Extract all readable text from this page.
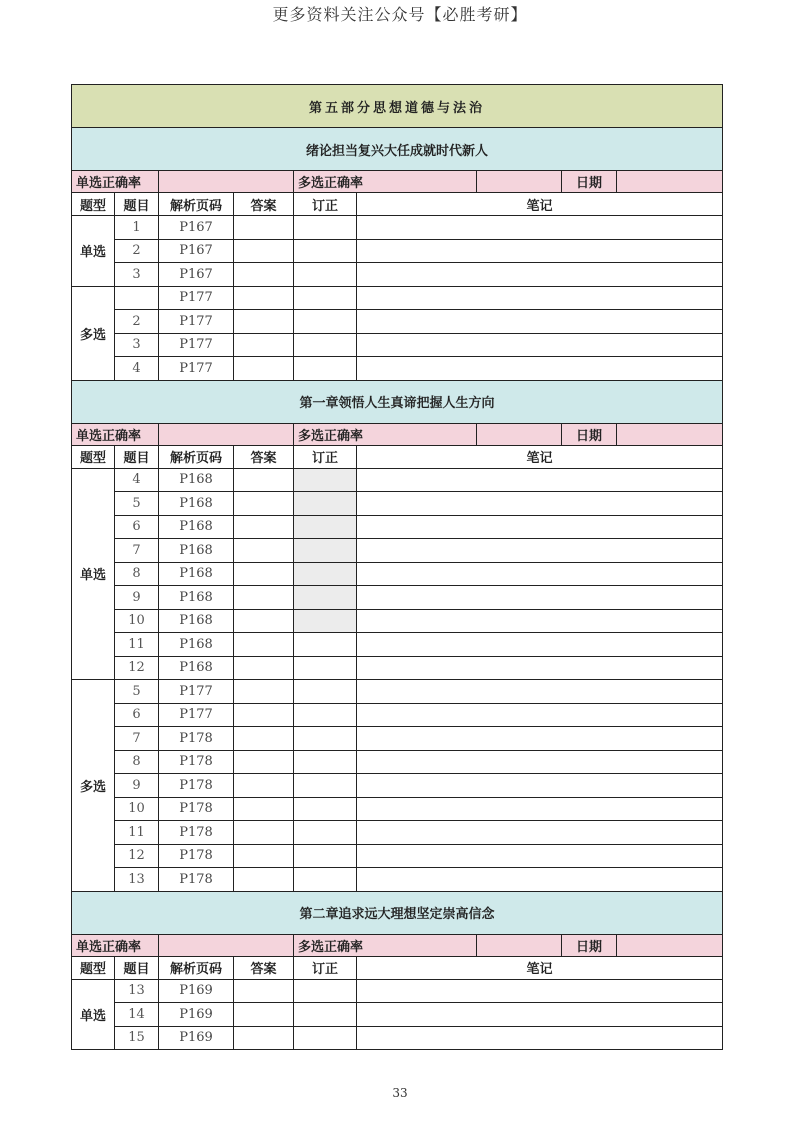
更多资料关注公众号【必胜考研】
第五部分思想道德与法治								
绪论担当复兴大任成就时代新人								
单选正确率				多选正确率			日期	
题型	题目	解析页码	答案	订正	笔记			
单选	1	P167						
	2	P167						
	3	P167						
多选		P177						
	2	P177						
	3	P177						
	4	P177						
第一章领悟人生真谛把握人生方向								
单选正确率				多选正确率			日期	
题型	题目	解析页码	答案	订正	笔记			
单选	4	P168						
	5	P168						
	6	P168						
	7	P168						
	8	P168						
	9	P168						
	10	P168						
	11	P168						
	12	P168						
多选	5	P177						
	6	P177						
	7	P178						
	8	P178						
	9	P178						
	10	P178						
	11	P178						
	12	P178						
	13	P178						
第二章追求远大理想坚定崇高信念								
单选正确率				多选正确率			日期	
题型	题目	解析页码	答案	订正	笔记			
单选	13	P169						
	14	P169						
	15	P169						
33
